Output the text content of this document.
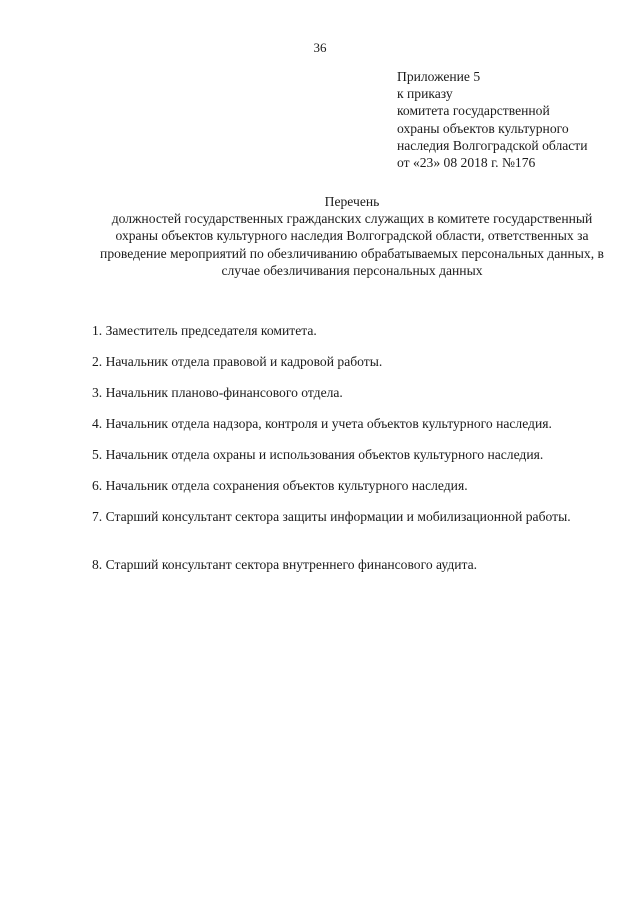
36
Приложение 5
к приказу
комитета государственной
охраны объектов культурного
наследия Волгоградской области
от «23» 08 2018 г. №176
Перечень
должностей государственных гражданских служащих в комитете государственный охраны объектов культурного наследия Волгоградской области, ответственных за проведение мероприятий по обезличиванию обрабатываемых персональных данных, в случае обезличивания персональных данных
1. Заместитель председателя комитета.
2. Начальник отдела правовой и кадровой работы.
3. Начальник планово-финансового отдела.
4. Начальник отдела надзора, контроля и учета объектов культурного наследия.
5. Начальник отдела охраны и использования объектов культурного наследия.
6. Начальник отдела сохранения объектов культурного наследия.
7. Старший консультант сектора защиты информации и мобилизационной работы.
8. Старший консультант сектора внутреннего финансового аудита.
